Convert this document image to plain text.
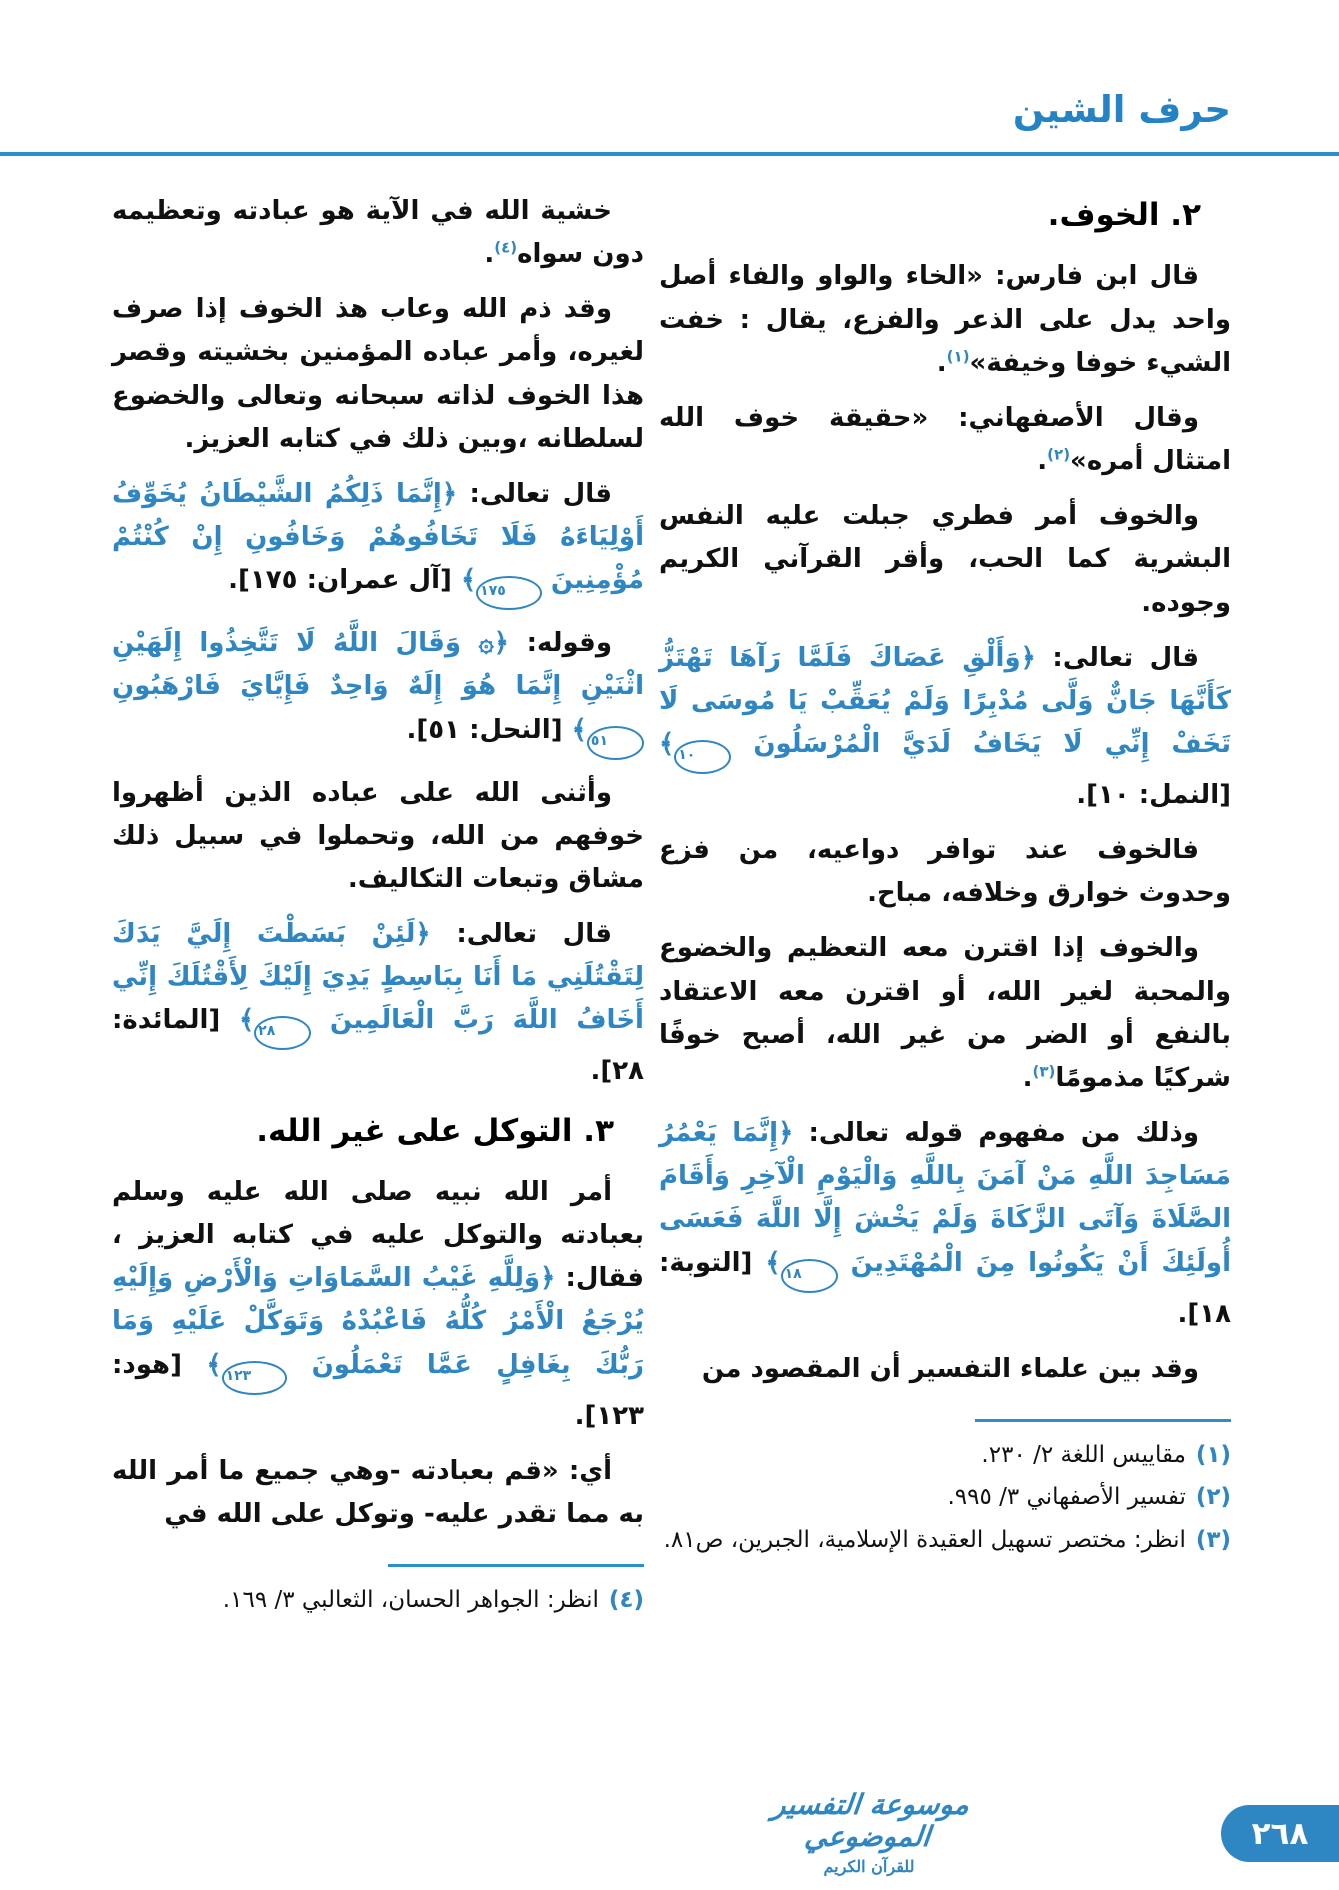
حرف الشين
٢. الخوف.

قال ابن فارس: «الخاء والواو والفاء أصل واحد يدل على الذعر والفزع، يقال : خفت الشيء خوفا وخيفة»$^{(١)}$.

وقال الأصفهاني: «حقيقة خوف الله امتثال أمره»$^{(٢)}$.

والخوف أمر فطري جبلت عليه النفس البشرية كما الحب، وأقر القرآني الكريم وجوده.

قال تعالى: ﴿وَأَلْقِ عَصَاكَ فَلَمَّا رَآهَا تَهْتَزُّ كَأَنَّهَا جَانٌّ وَلَّى مُدْبِرًا وَلَمْ يُعَقِّبْ يَا مُوسَى لَا تَخَفْ إِنِّي لَا يَخَافُ لَدَيَّ الْمُرْسَلُونَ ١٠﴾ [النمل: ١٠].

فالخوف عند توافر دواعيه، من فزع وحدوث خوارق وخلافه، مباح.

والخوف إذا اقترن معه التعظيم والخضوع والمحبة لغير الله، أو اقترن معه الاعتقاد بالنفع أو الضر من غير الله، أصبح خوفًا شركيًا مذمومًا$^{(٣)}$.

وذلك من مفهوم قوله تعالى: ﴿إِنَّمَا يَعْمُرُ مَسَاجِدَ اللَّهِ مَنْ آمَنَ بِاللَّهِ وَالْيَوْمِ الْآخِرِ وَأَقَامَ الصَّلَاةَ وَآتَى الزَّكَاةَ وَلَمْ يَخْشَ إِلَّا اللَّهَ فَعَسَى أُولَئِكَ أَنْ يَكُونُوا مِنَ الْمُهْتَدِينَ ١٨﴾ [التوبة: ١٨].

وقد بين علماء التفسير أن المقصود من

(١)
مقاييس اللغة ٢/ ٢٣٠.
(٢)
تفسير الأصفهاني ٣/ ٩٩٥.
(٣)
انظر: مختصر تسهيل العقيدة الإسلامية، الجبرين، ص٨١.

خشية الله في الآية هو عبادته وتعظيمه دون سواه$^{(٤)}$.

وقد ذم الله وعاب هذ الخوف إذا صرف لغيره، وأمر عباده المؤمنين بخشيته وقصر هذا الخوف لذاته سبحانه وتعالى والخضوع لسلطانه ،وبين ذلك في كتابه العزيز.

قال تعالى: ﴿إِنَّمَا ذَلِكُمُ الشَّيْطَانُ يُخَوِّفُ أَوْلِيَاءَهُ فَلَا تَخَافُوهُمْ وَخَافُونِ إِنْ كُنْتُمْ مُؤْمِنِينَ ١٧٥﴾ [آل عمران: ١٧٥].

وقوله: ﴿۞ وَقَالَ اللَّهُ لَا تَتَّخِذُوا إِلَهَيْنِ اثْنَيْنِ إِنَّمَا هُوَ إِلَهٌ وَاحِدٌ فَإِيَّايَ فَارْهَبُونِ ٥١﴾ [النحل: ٥١].

وأثنى الله على عباده الذين أظهروا خوفهم من الله، وتحملوا في سبيل ذلك مشاق وتبعات التكاليف.

قال تعالى: ﴿لَئِنْ بَسَطْتَ إِلَيَّ يَدَكَ لِتَقْتُلَنِي مَا أَنَا بِبَاسِطٍ يَدِيَ إِلَيْكَ لِأَقْتُلَكَ إِنِّي أَخَافُ اللَّهَ رَبَّ الْعَالَمِينَ ٢٨﴾ [المائدة: ٢٨].

٣. التوكل على غير الله.

أمر الله نبيه صلى الله عليه وسلم بعبادته والتوكل عليه في كتابه العزيز ، فقال: ﴿وَلِلَّهِ غَيْبُ السَّمَاوَاتِ وَالْأَرْضِ وَإِلَيْهِ يُرْجَعُ الْأَمْرُ كُلُّهُ فَاعْبُدْهُ وَتَوَكَّلْ عَلَيْهِ وَمَا رَبُّكَ بِغَافِلٍ عَمَّا تَعْمَلُونَ ١٢٣﴾ [هود: ١٢٣].

أي: «قم بعبادته -وهي جميع ما أمر الله به مما تقدر عليه- وتوكل على الله في

(٤)
انظر: الجواهر الحسان، الثعالبي ٣/ ١٦٩.
موسوعة التفسير الموضوعي
للقرآن الكريم
٢٦٨
